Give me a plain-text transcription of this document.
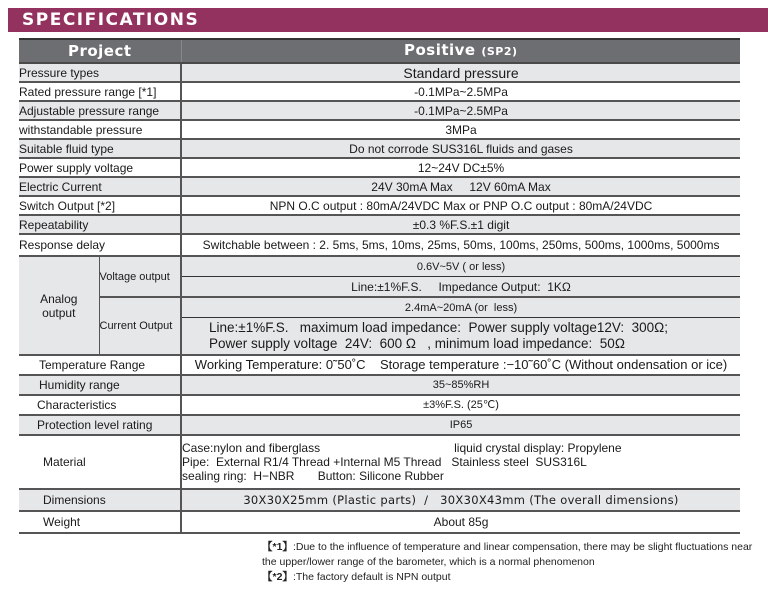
SPECIFICATIONS
Project		Positive (SP2)
Pressure types		Standard pressure
Rated pressure range [*1]		-0.1MPa~2.5MPa
Adjustable pressure range		-0.1MPa~2.5MPa
withstandable pressure		3MPa
Suitable fluid type		Do not corrode SUS316L fluids and gases
Power supply voltage		12~24V DC±5%
Electric Current		24V 30mA Max     12V 60mA Max
Switch Output [*2]		NPN O.C output : 80mA/24VDC Max or PNP O.C output : 80mA/24VDC
Repeatability		±0.3 %F.S.±1 digit
Response delay		Switchable between : 2. 5ms, 5ms, 10ms, 25ms, 50ms, 100ms, 250ms, 500ms, 1000ms, 5000ms
Analog
output	Voltage output	0.6V~5V ( or less)
		Line:±1%F.S.     Impedance Output:  1KΩ
	Current Output	2.4mA~20mA (or  less)

		Line:±1%F.S.   maximum load impedance:  Power supply voltage12V:  300Ω;
Power supply voltage  24V:  600 Ω   , minimum load impedance:  50Ω

Temperature Range		Working Temperature: 0˜50˚C    Storage temperature :−10˜60˚C (Without ondensation or ice)
Humidity range		35~85%RH
Characteristics		±3%F.S. (25℃)
Protection level rating		IP65
Material		Case:nylon and fiberglass liquid crystal display: Propylene
Pipe:  External R1/4 Thread +Internal M5 Thread   Stainless steel  SUS316L
sealing ring:  H−NBR       Button: Silicone Rubber

Dimensions		30X30X25mm (Plastic parts)  /   30X30X43mm (The overall dimensions)
Weight		About 85g
【*1】:Due to the influence of temperature and linear compensation, there may be slight fluctuations near the upper/lower range of the barometer, which is a normal phenomenon
【*2】:The factory default is NPN output
